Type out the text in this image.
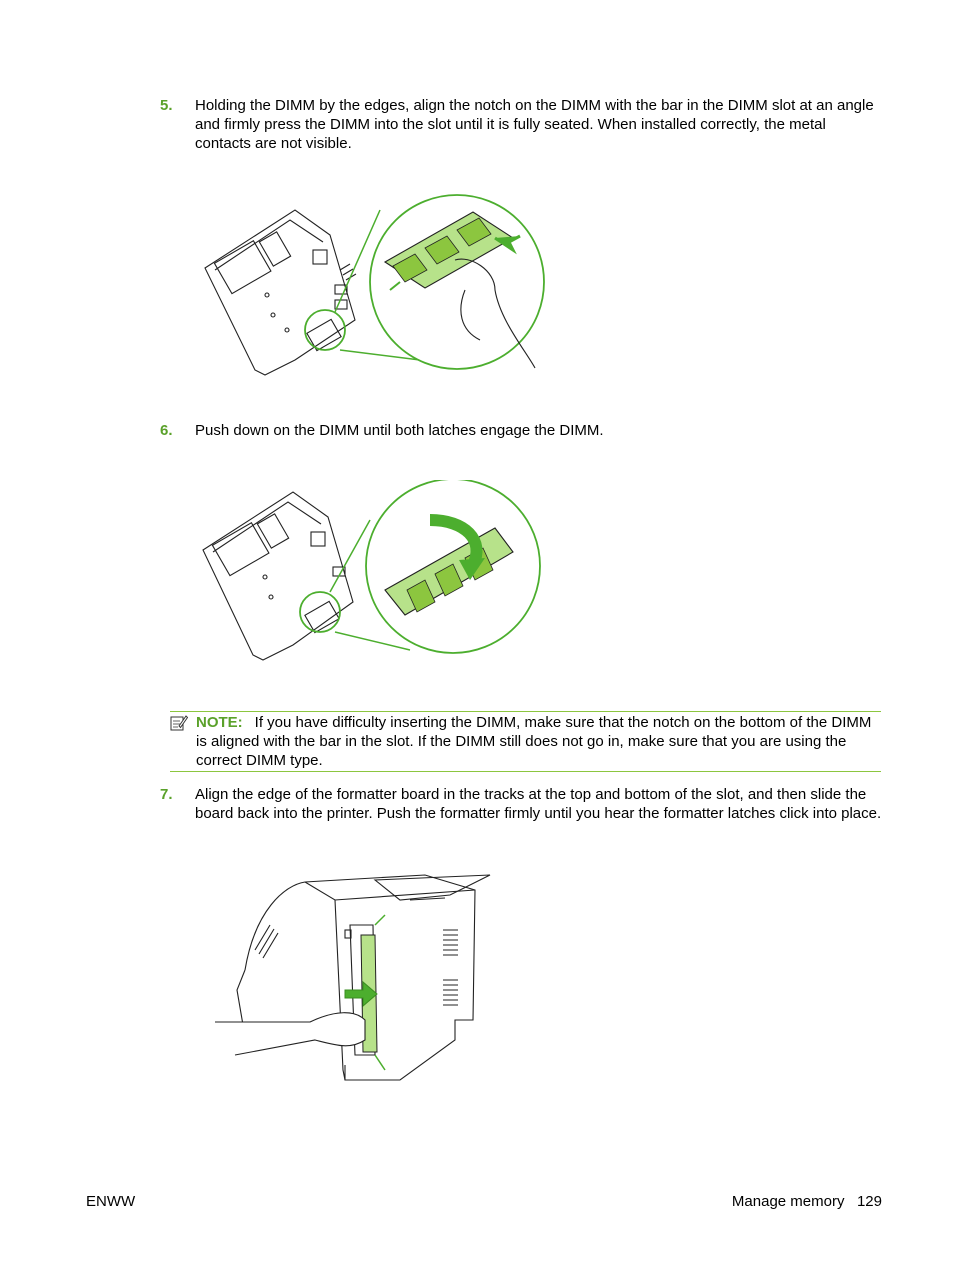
5. Holding the DIMM by the edges, align the notch on the DIMM with the bar in the DIMM slot at an angle and firmly press the DIMM into the slot until it is fully seated. When installed correctly, the metal contacts are not visible.
6. Push down on the DIMM until both latches engage the DIMM.
NOTE: If you have difficulty inserting the DIMM, make sure that the notch on the bottom of the DIMM is aligned with the bar in the slot. If the DIMM still does not go in, make sure that you are using the correct DIMM type.
7. Align the edge of the formatter board in the tracks at the top and bottom of the slot, and then slide the board back into the printer. Push the formatter firmly until you hear the formatter latches click into place.
ENWW	Manage memory   129
